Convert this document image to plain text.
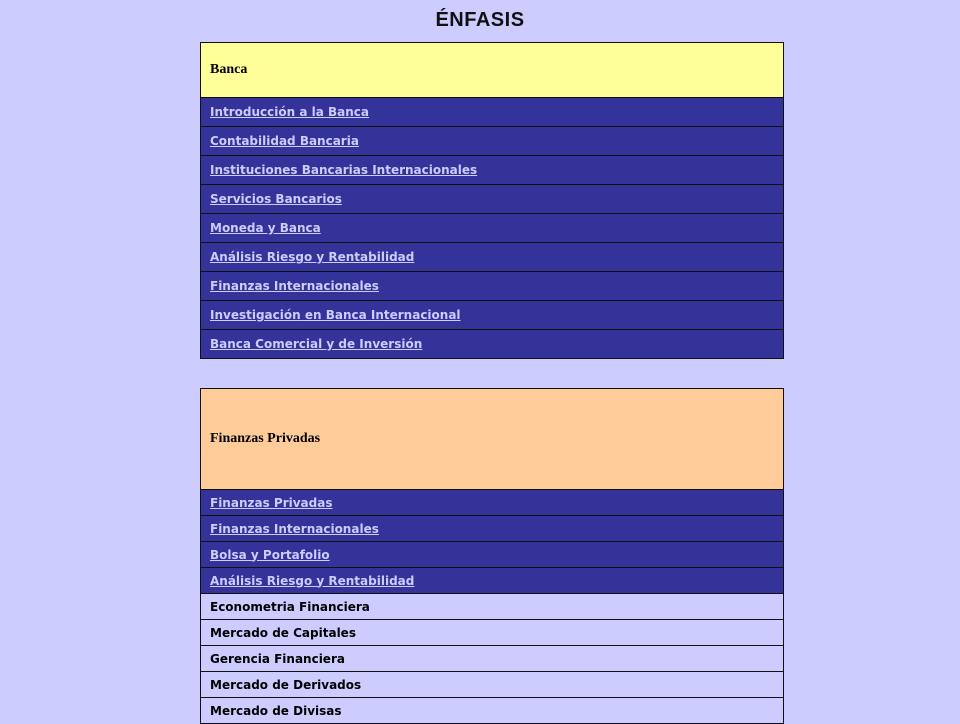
ÉNFASIS
Banca
Introducción a la Banca
Contabilidad Bancaria
Instituciones Bancarias Internacionales
Servicios Bancarios
Moneda y Banca
Análisis Riesgo y Rentabilidad
Finanzas Internacionales
Investigación en Banca Internacional
Banca Comercial y de Inversión
Finanzas Privadas
Finanzas Privadas
Finanzas Internacionales
Bolsa y Portafolio
Análisis Riesgo y Rentabilidad
Econometria Financiera
Mercado de Capitales
Gerencia Financiera
Mercado de Derivados
Mercado de Divisas
